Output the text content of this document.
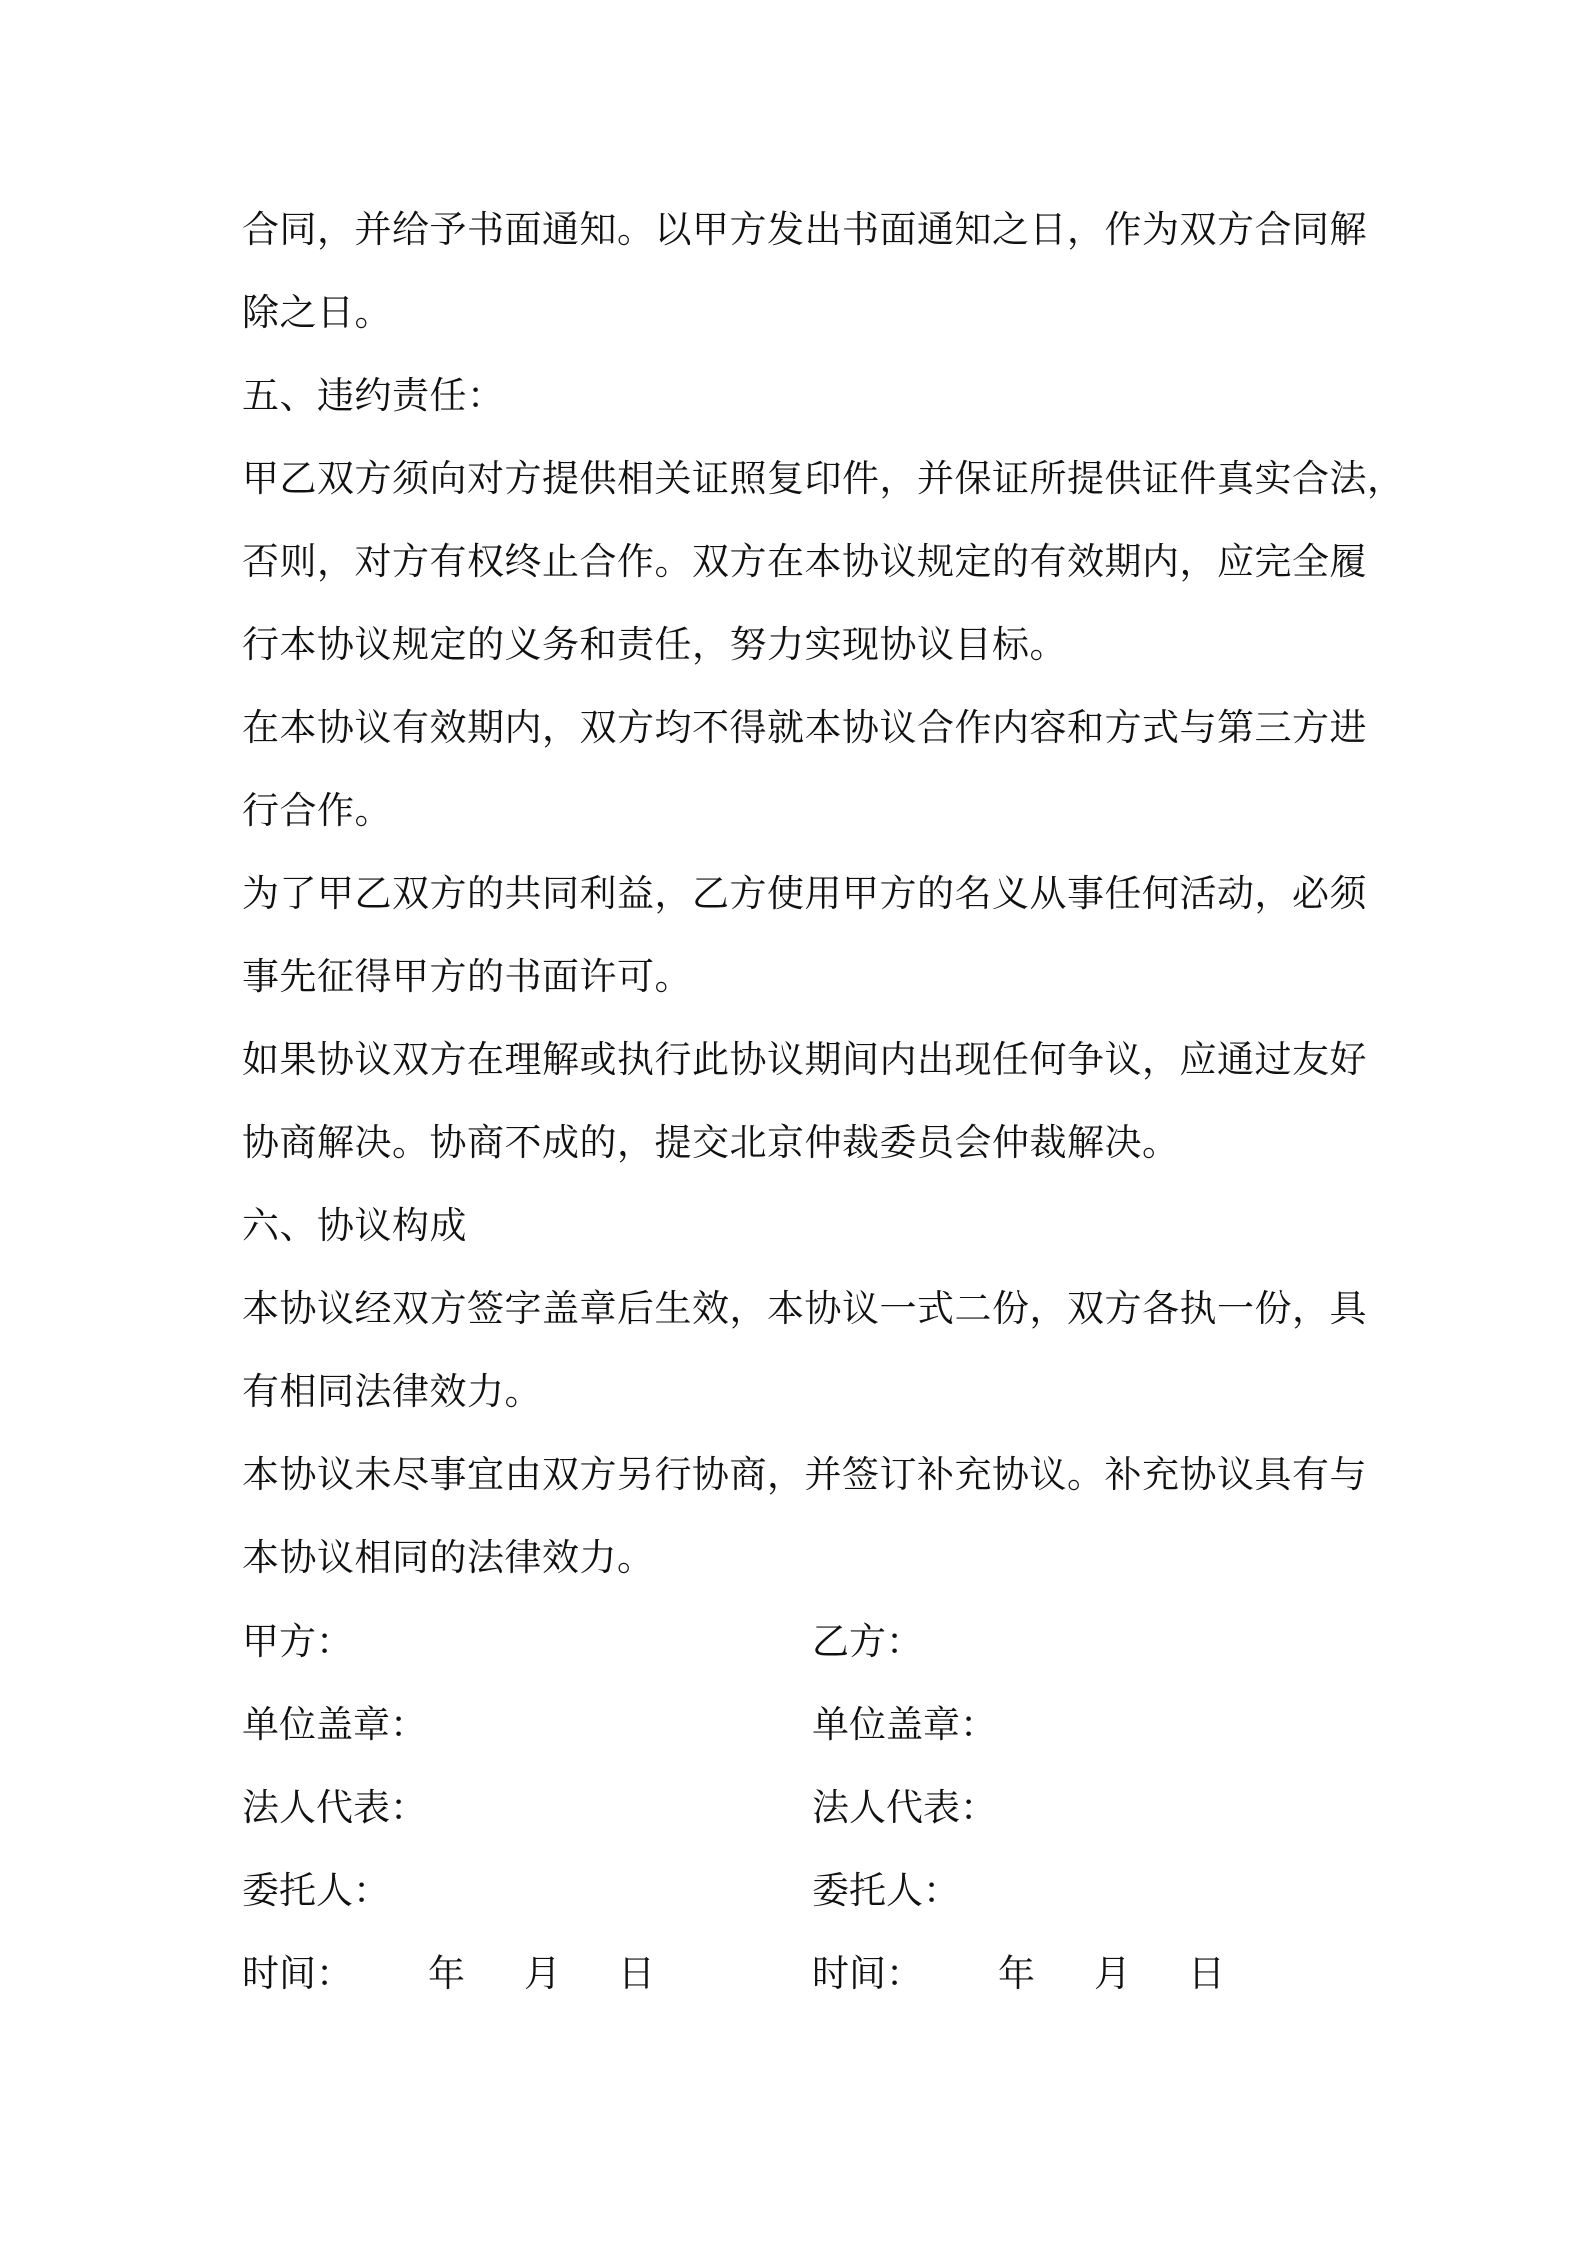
合同，并给予书面通知。以甲方发出书面通知之日，作为双方合同解
除之日。
五、违约责任：
甲乙双方须向对方提供相关证照复印件，并保证所提供证件真实合法，
否则，对方有权终止合作。双方在本协议规定的有效期内，应完全履
行本协议规定的义务和责任，努力实现协议目标。
在本协议有效期内，双方均不得就本协议合作内容和方式与第三方进
行合作。
为了甲乙双方的共同利益，乙方使用甲方的名义从事任何活动，必须
事先征得甲方的书面许可。
如果协议双方在理解或执行此协议期间内出现任何争议，应通过友好
协商解决。协商不成的，提交北京仲裁委员会仲裁解决。
六、协议构成
本协议经双方签字盖章后生效，本协议一式二份，双方各执一份，具
有相同法律效力。
本协议未尽事宜由双方另行协商，并签订补充协议。补充协议具有与
本协议相同的法律效力。
甲方：	乙方：
单位盖章：	单位盖章：
法人代表：	法人代表：
委托人：	委托人：
时间： 年 月 日	时间： 年 月 日
